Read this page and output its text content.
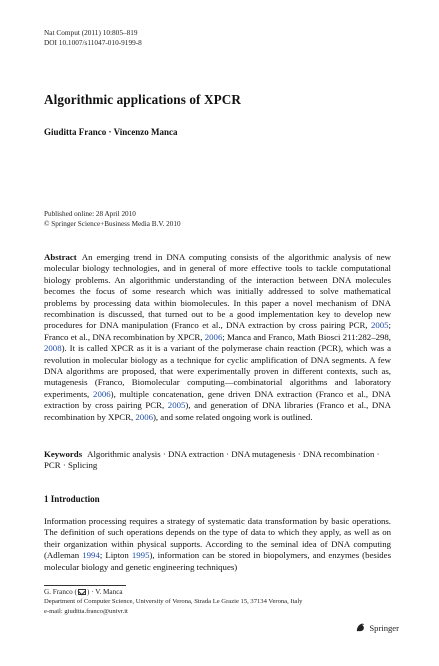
Nat Comput (2011) 10:805–819
DOI 10.1007/s11047-010-9199-8
Algorithmic applications of XPCR
Giuditta Franco · Vincenzo Manca
Published online: 28 April 2010
© Springer Science+Business Media B.V. 2010
Abstract An emerging trend in DNA computing consists of the algorithmic analysis of new molecular biology technologies, and in general of more effective tools to tackle computational biology problems. An algorithmic understanding of the interaction between DNA molecules becomes the focus of some research which was initially addressed to solve mathematical problems by processing data within biomolecules. In this paper a novel mechanism of DNA recombination is discussed, that turned out to be a good implementation key to develop new procedures for DNA manipulation (Franco et al., DNA extraction by cross pairing PCR, 2005; Franco et al., DNA recombination by XPCR, 2006; Manca and Franco, Math Biosci 211:282–298, 2008). It is called XPCR as it is a variant of the polymerase chain reaction (PCR), which was a revolution in molecular biology as a technique for cyclic amplification of DNA segments. A few DNA algorithms are proposed, that were experimentally proven in different contexts, such as, mutagenesis (Franco, Biomolecular computing—combinatorial algorithms and laboratory experiments, 2006), multiple concatenation, gene driven DNA extraction (Franco et al., DNA extraction by cross pairing PCR, 2005), and generation of DNA libraries (Franco et al., DNA recombination by XPCR, 2006), and some related ongoing work is outlined.
Keywords Algorithmic analysis · DNA extraction · DNA mutagenesis · DNA recombination · PCR · Splicing
1 Introduction
Information processing requires a strategy of systematic data transformation by basic operations. The definition of such operations depends on the type of data to which they apply, as well as on their organization within physical supports. According to the seminal idea of DNA computing (Adleman 1994; Lipton 1995), information can be stored in biopolymers, and enzymes (besides molecular biology and genetic engineering techniques)
G. Franco ( ) · V. Manca
Department of Computer Science, University of Verona, Strada Le Grazie 15, 37134 Verona, Italy
e-mail: giuditta.franco@univr.it
Springer
